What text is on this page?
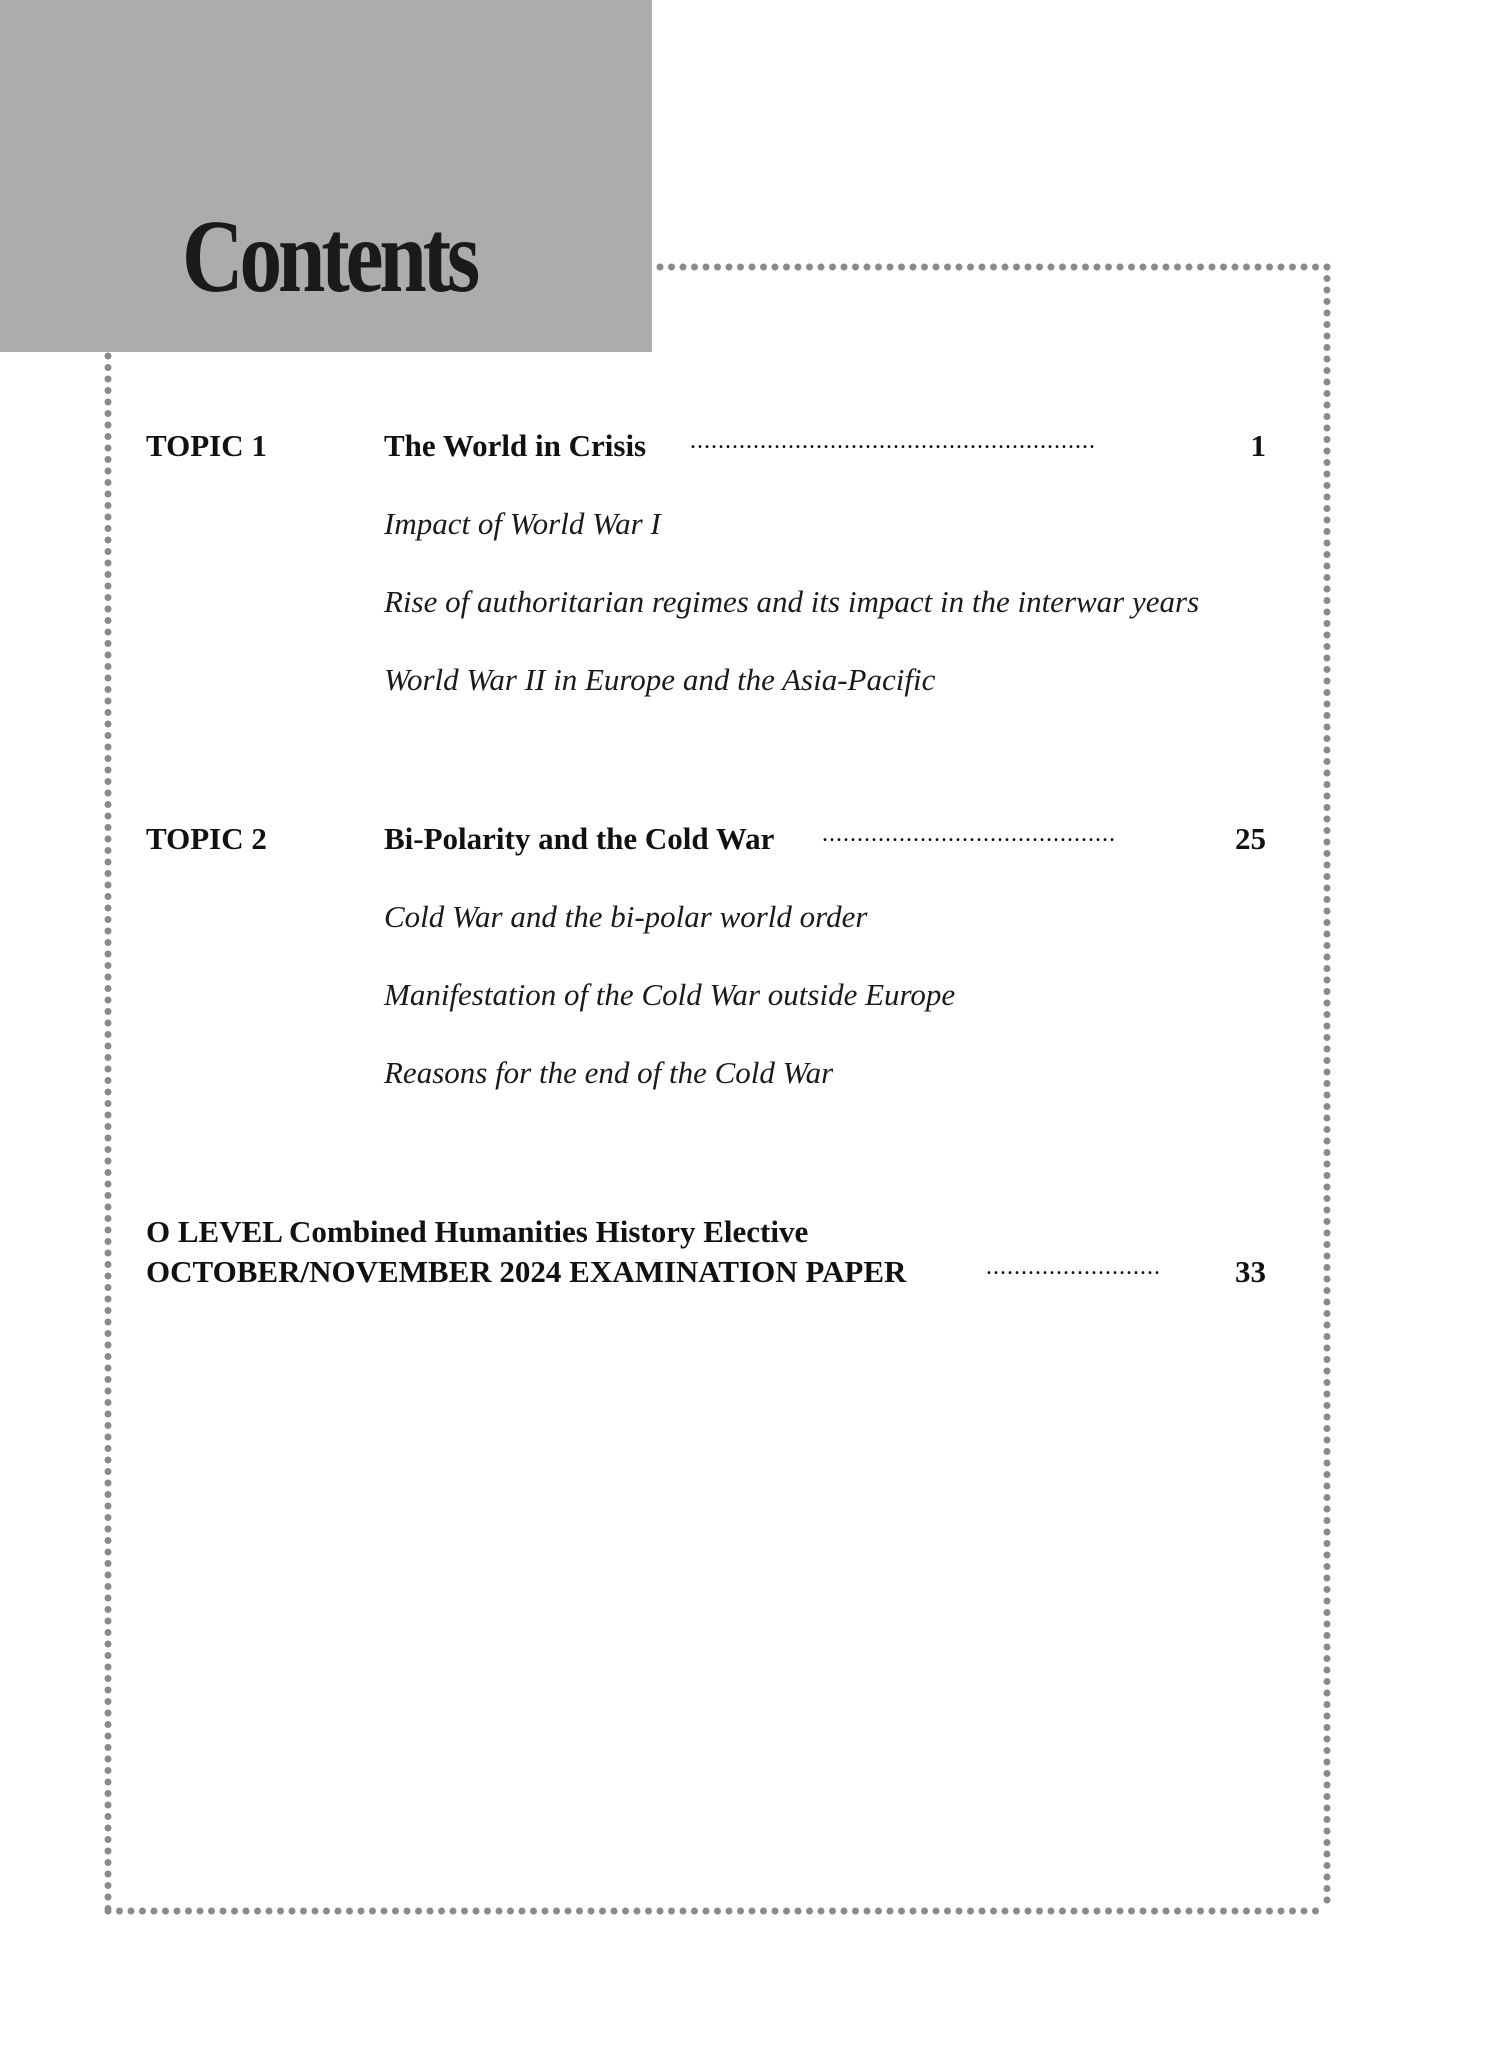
Contents
TOPIC 1	The World in Crisis ..........................................................	1
Impact of World War I
Rise of authoritarian regimes and its impact in the interwar years
World War II in Europe and the Asia-Pacific
TOPIC 2	Bi-Polarity and the Cold War ..........................................	25
Cold War and the bi-polar world order
Manifestation of the Cold War outside Europe
Reasons for the end of the Cold War
O LEVEL Combined Humanities History Elective
OCTOBER/NOVEMBER 2024 EXAMINATION PAPER	.........................	33
